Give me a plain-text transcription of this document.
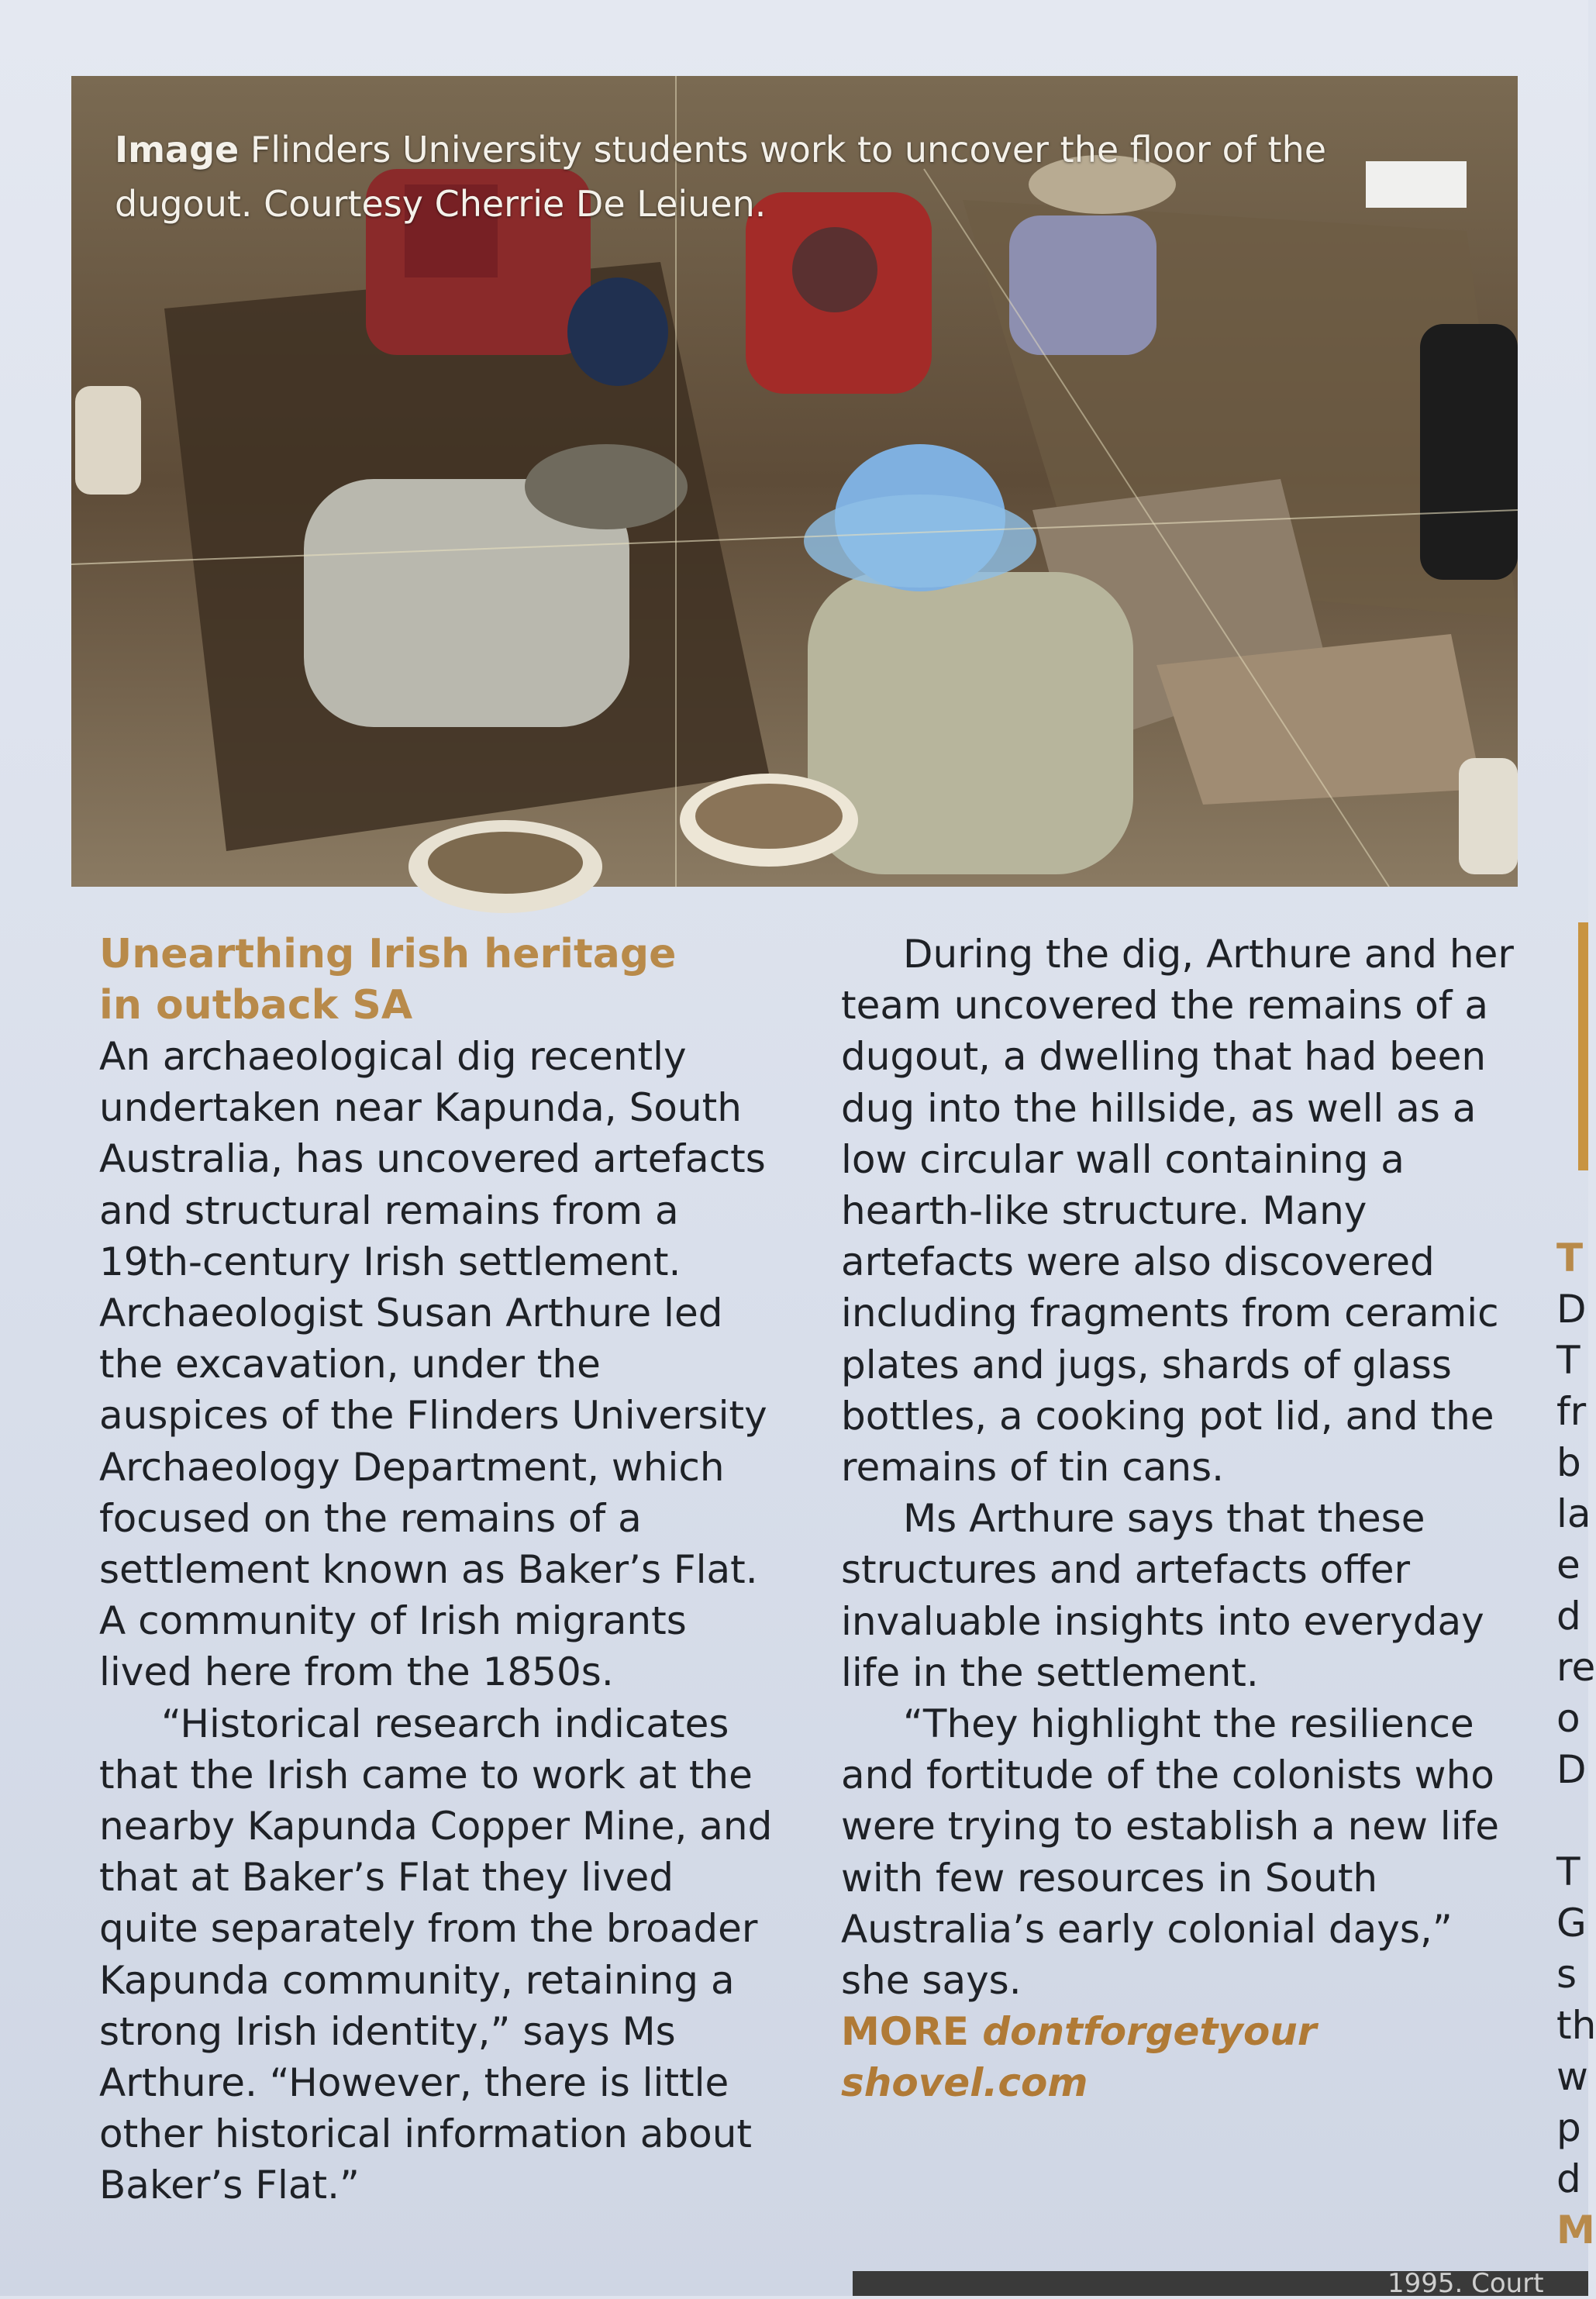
Image Flinders University students work to uncover the floor of the dugout. Courtesy Cherrie De Leiuen.
Unearthing Irish heritage
in outback SA

An archaeological dig recently undertaken near Kapunda, South Australia, has uncovered artefacts and structural remains from a 19th-century Irish settlement. Archaeologist Susan Arthure led the excavation, under the auspices of the Flinders University Archaeology Department, which focused on the remains of a settlement known as Baker’s Flat. A community of Irish migrants lived here from the 1850s.

“Historical research indicates that the Irish came to work at the nearby Kapunda Copper Mine, and that at Baker’s Flat they lived quite separately from the broader Kapunda community, retaining a strong Irish identity,” says Ms Arthure. “However, there is little other historical information about Baker’s Flat.”

During the dig, Arthure and her team uncovered the remains of a dugout, a dwelling that had been dug into the hillside, as well as a low circular wall containing a hearth-like structure. Many artefacts were also discovered including fragments from ceramic plates and jugs, shards of glass bottles, a cooking pot lid, and the remains of tin cans.

Ms Arthure says that these structures and artefacts offer invaluable insights into everyday life in the settlement.

“They highlight the resilience and fortitude of the colonists who were trying to establish a new life with few resources in South Australia’s early colonial days,” she says.

MORE dontforgetyour
shovel.com
T
D
T
fr
b
la
e
d
re
o
D

T
G
s
th
w
p
d
M
1995. Court
